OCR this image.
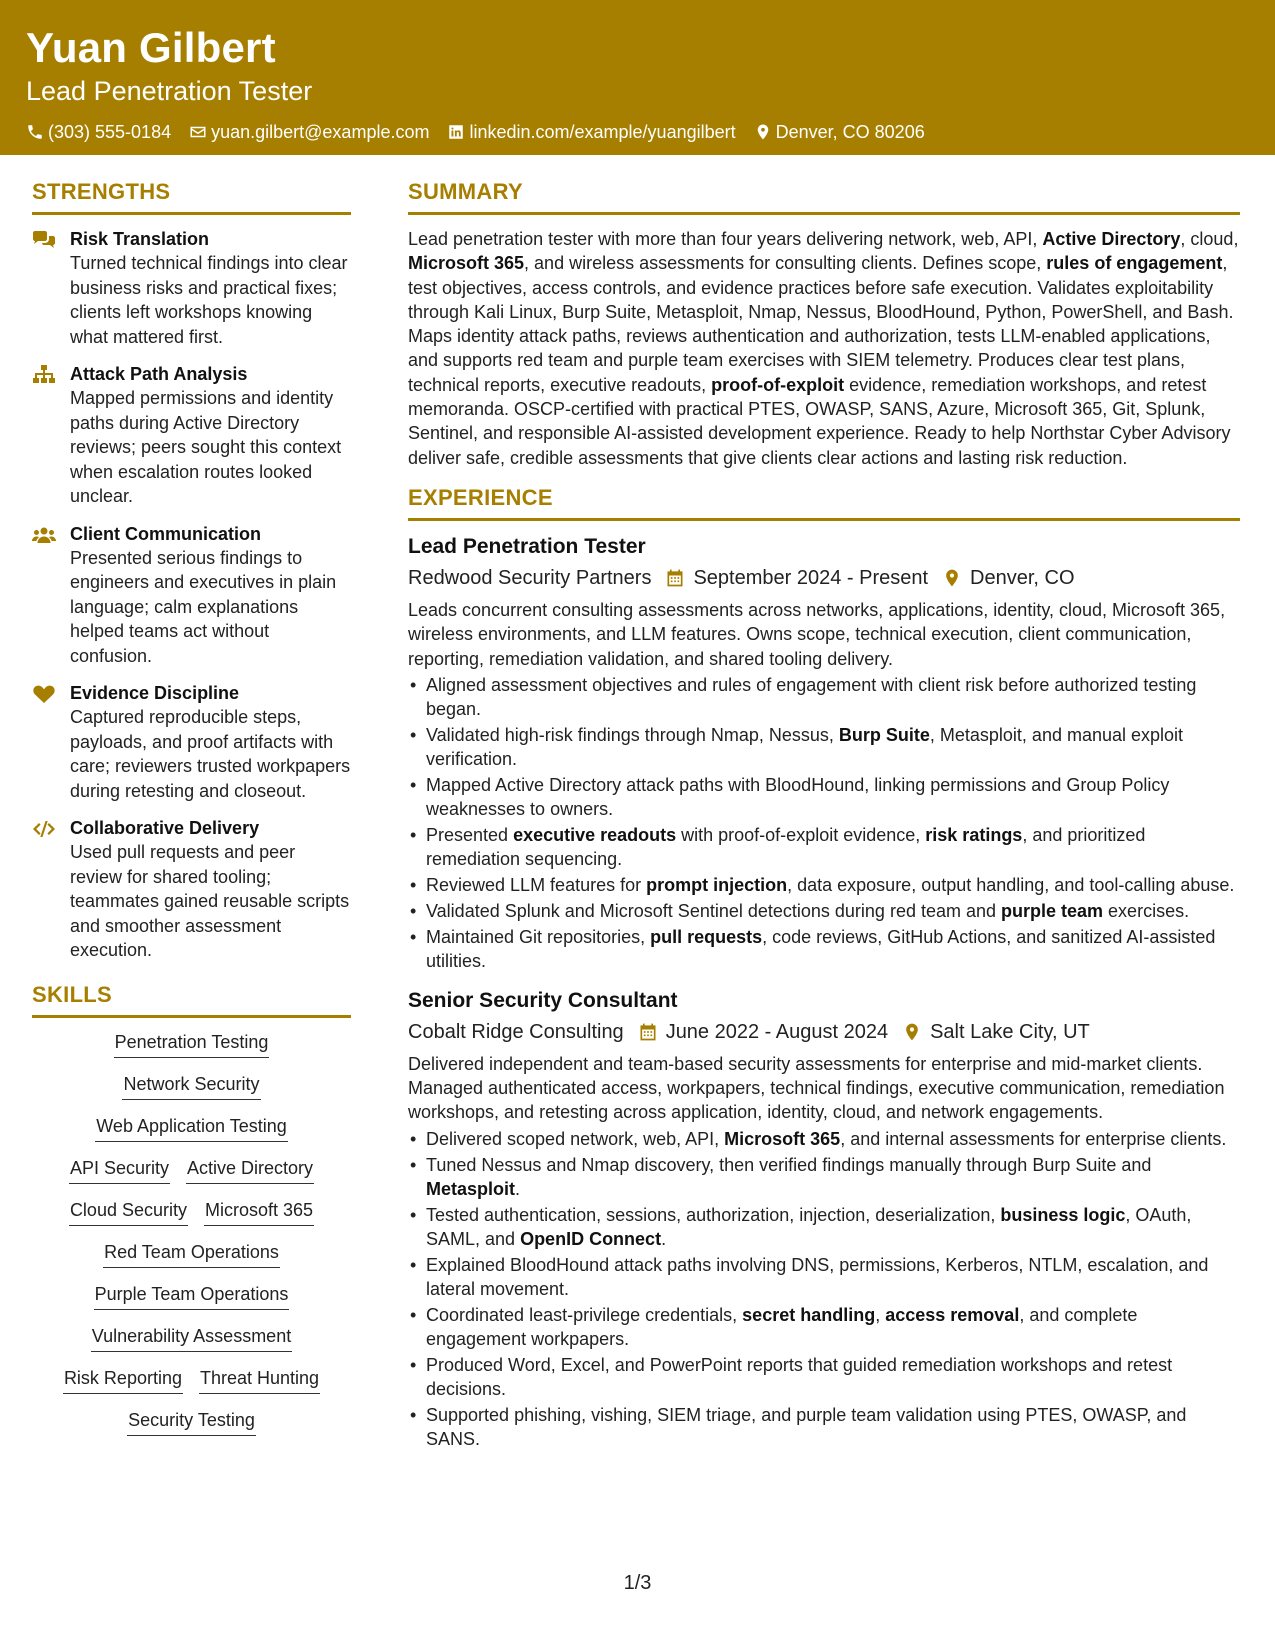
Yuan Gilbert
Lead Penetration Tester
(303) 555-0184 yuan.gilbert@example.com linkedin.com/example/yuangilbert Denver, CO 80206
STRENGTHS
Risk Translation
Turned technical findings into clear business risks and practical fixes; clients left workshops knowing what mattered first.
Attack Path Analysis
Mapped permissions and identity paths during Active Directory reviews; peers sought this context when escalation routes looked unclear.
Client Communication
Presented serious findings to engineers and executives in plain language; calm explanations helped teams act without confusion.
Evidence Discipline
Captured reproducible steps, payloads, and proof artifacts with care; reviewers trusted workpapers during retesting and closeout.
Collaborative Delivery
Used pull requests and peer review for shared tooling; teammates gained reusable scripts and smoother assessment execution.
SKILLS
Penetration Testing
Network Security
Web Application Testing
API Security Active Directory
Cloud Security Microsoft 365
Red Team Operations
Purple Team Operations
Vulnerability Assessment
Risk Reporting Threat Hunting
Security Testing
SUMMARY
Lead penetration tester with more than four years delivering network, web, API, Active Directory, cloud, Microsoft 365, and wireless assessments for consulting clients. Defines scope, rules of engagement, test objectives, access controls, and evidence practices before safe execution. Validates exploitability through Kali Linux, Burp Suite, Metasploit, Nmap, Nessus, BloodHound, Python, PowerShell, and Bash. Maps identity attack paths, reviews authentication and authorization, tests LLM-enabled applications, and supports red team and purple team exercises with SIEM telemetry. Produces clear test plans, technical reports, executive readouts, proof-of-exploit evidence, remediation workshops, and retest memoranda. OSCP-certified with practical PTES, OWASP, SANS, Azure, Microsoft 365, Git, Splunk, Sentinel, and responsible AI-assisted development experience. Ready to help Northstar Cyber Advisory deliver safe, credible assessments that give clients clear actions and lasting risk reduction.
EXPERIENCE
Lead Penetration Tester
Redwood Security Partners September 2024 - Present Denver, CO
Leads concurrent consulting assessments across networks, applications, identity, cloud, Microsoft 365, wireless environments, and LLM features. Owns scope, technical execution, client communication, reporting, remediation validation, and shared tooling delivery.
• Aligned assessment objectives and rules of engagement with client risk before authorized testing began.
• Validated high-risk findings through Nmap, Nessus, Burp Suite, Metasploit, and manual exploit verification.
• Mapped Active Directory attack paths with BloodHound, linking permissions and Group Policy weaknesses to owners.
• Presented executive readouts with proof-of-exploit evidence, risk ratings, and prioritized remediation sequencing.
• Reviewed LLM features for prompt injection, data exposure, output handling, and tool-calling abuse.
• Validated Splunk and Microsoft Sentinel detections during red team and purple team exercises.
• Maintained Git repositories, pull requests, code reviews, GitHub Actions, and sanitized AI-assisted utilities.
Senior Security Consultant
Cobalt Ridge Consulting June 2022 - August 2024 Salt Lake City, UT
Delivered independent and team-based security assessments for enterprise and mid-market clients. Managed authenticated access, workpapers, technical findings, executive communication, remediation workshops, and retesting across application, identity, cloud, and network engagements.
• Delivered scoped network, web, API, Microsoft 365, and internal assessments for enterprise clients.
• Tuned Nessus and Nmap discovery, then verified findings manually through Burp Suite and Metasploit.
• Tested authentication, sessions, authorization, injection, deserialization, business logic, OAuth, SAML, and OpenID Connect.
• Explained BloodHound attack paths involving DNS, permissions, Kerberos, NTLM, escalation, and lateral movement.
• Coordinated least-privilege credentials, secret handling, access removal, and complete engagement workpapers.
• Produced Word, Excel, and PowerPoint reports that guided remediation workshops and retest decisions.
• Supported phishing, vishing, SIEM triage, and purple team validation using PTES, OWASP, and SANS.
1/3
